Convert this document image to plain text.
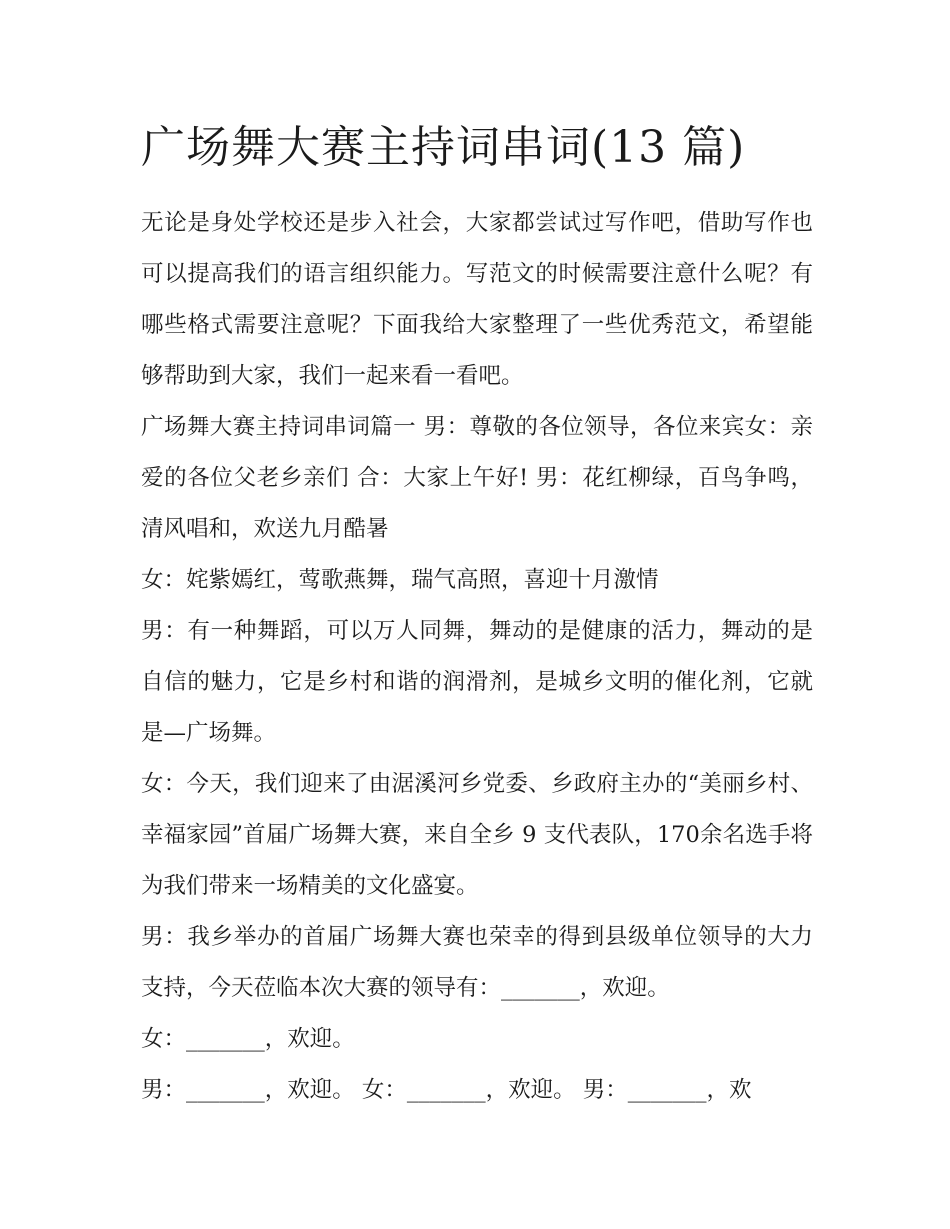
广场舞大赛主持词串词(13 篇)

无论是身处学校还是步入社会，大家都尝试过写作吧，借助写作也可以提高我们的语言组织能力。写范文的时候需要注意什么呢？有哪些格式需要注意呢？下面我给大家整理了一些优秀范文，希望能够帮助到大家，我们一起来看一看吧。

广场舞大赛主持词串词篇一 男：尊敬的各位领导，各位来宾女：亲爱的各位父老乡亲们 合：大家上午好! 男：花红柳绿，百鸟争鸣，清风唱和，欢送九月酷暑

女：姹紫嫣红，莺歌燕舞，瑞气高照，喜迎十月激情

男：有一种舞蹈，可以万人同舞，舞动的是健康的活力，舞动的是自信的魅力，它是乡村和谐的润滑剂，是城乡文明的催化剂，它就是—广场舞。

女：今天，我们迎来了由涺溪河乡党委、乡政府主办的“美丽乡村、幸福家园”首届广场舞大赛，来自全乡 9 支代表队，170余名选手将为我们带来一场精美的文化盛宴。

男：我乡举办的首届广场舞大赛也荣幸的得到县级单位领导的大力支持，今天莅临本次大赛的领导有：_______，欢迎。

女：_______，欢迎。

男：_______，欢迎。 女：_______，欢迎。 男：_______，欢
